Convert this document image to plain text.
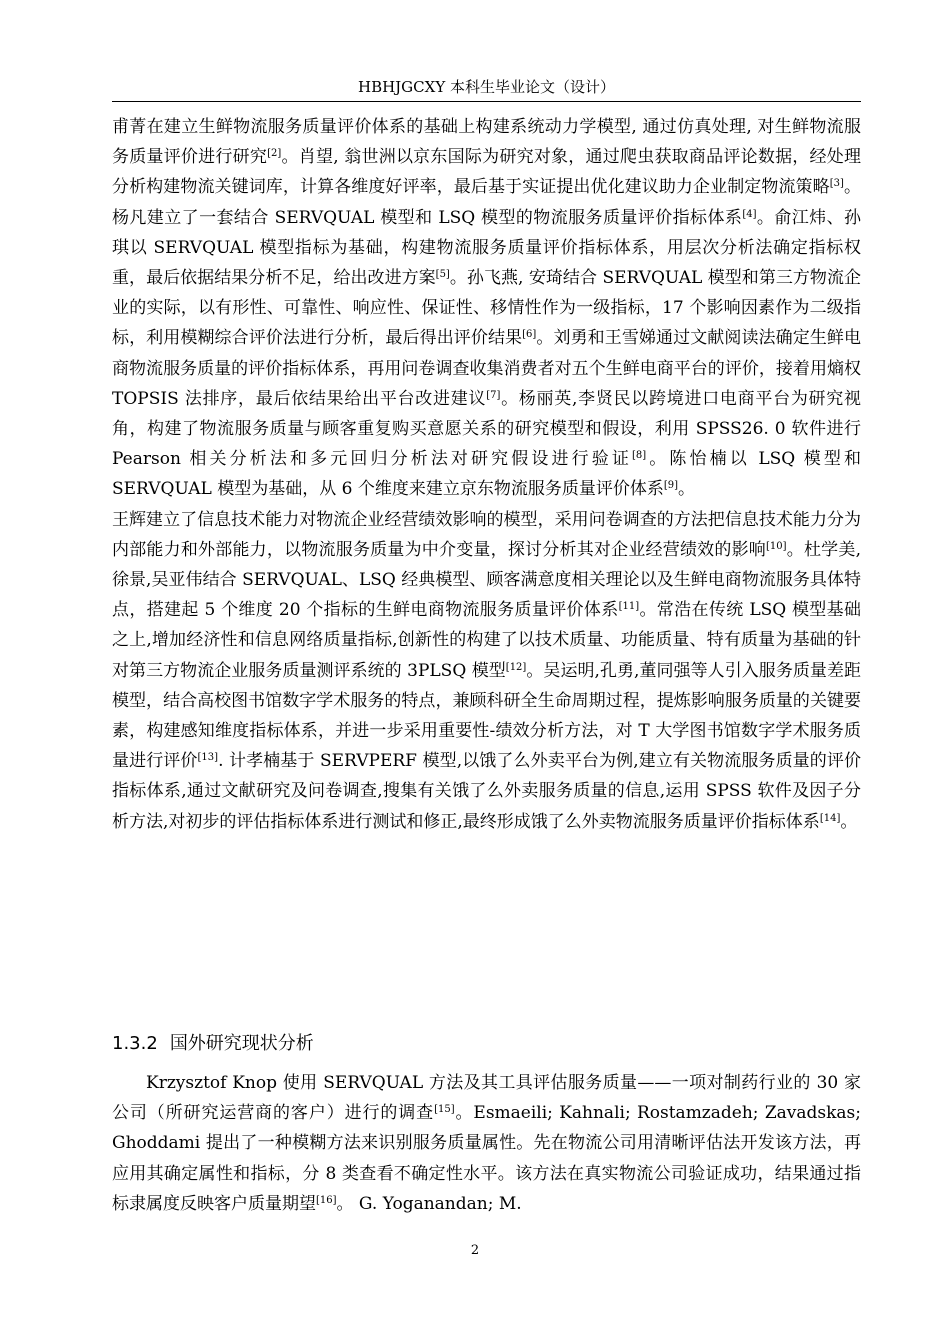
HBHJGCXY 本科生毕业论文（设计）

甫菁在建立生鲜物流服务质量评价体系的基础上构建系统动力学模型, 通过仿真处理, 对生鲜物流服务质量评价进行研究[2]。肖望, 翁世洲以京东国际为研究对象，通过爬虫获取商品评论数据，经处理分析构建物流关键词库，计算各维度好评率，最后基于实证提出优化建议助力企业制定物流策略[3]。杨凡建立了一套结合 SERVQUAL 模型和 LSQ 模型的物流服务质量评价指标体系[4]。俞江炜、孙琪以 SERVQUAL 模型指标为基础，构建物流服务质量评价指标体系，用层次分析法确定指标权重，最后依据结果分析不足，给出改进方案[5]。孙飞燕, 安琦结合 SERVQUAL 模型和第三方物流企业的实际，以有形性、可靠性、响应性、保证性、移情性作为一级指标，17 个影响因素作为二级指标，利用模糊综合评价法进行分析，最后得出评价结果[6]。刘勇和王雪娣通过文献阅读法确定生鲜电商物流服务质量的评价指标体系，再用问卷调查收集消费者对五个生鲜电商平台的评价，接着用熵权 TOPSIS 法排序，最后依结果给出平台改进建议[7]。杨丽英,李贤民以跨境进口电商平台为研究视角，构建了物流服务质量与顾客重复购买意愿关系的研究模型和假设，利用 SPSS26. 0 软件进行 Pearson 相关分析法和多元回归分析法对研究假设进行验证[8]。陈怡楠以 LSQ 模型和 SERVQUAL 模型为基础，从 6 个维度来建立京东物流服务质量评价体系[9]。

王辉建立了信息技术能力对物流企业经营绩效影响的模型，采用问卷调查的方法把信息技术能力分为内部能力和外部能力，以物流服务质量为中介变量，探讨分析其对企业经营绩效的影响[10]。杜学美,徐景,吴亚伟结合 SERVQUAL、LSQ 经典模型、顾客满意度相关理论以及生鲜电商物流服务具体特点，搭建起 5 个维度 20 个指标的生鲜电商物流服务质量评价体系[11]。常浩在传统 LSQ 模型基础之上,增加经济性和信息网络质量指标,创新性的构建了以技术质量、功能质量、特有质量为基础的针对第三方物流企业服务质量测评系统的 3PLSQ 模型[12]。吴运明,孔勇,董同强等人引入服务质量差距模型，结合高校图书馆数字学术服务的特点，兼顾科研全生命周期过程，提炼影响服务质量的关键要素，构建感知维度指标体系，并进一步采用重要性-绩效分析方法，对 T 大学图书馆数字学术服务质量进行评价[13]. 计孝楠基于 SERVPERF 模型,以饿了么外卖平台为例,建立有关物流服务质量的评价指标体系,通过文献研究及问卷调查,搜集有关饿了么外卖服务质量的信息,运用 SPSS 软件及因子分析方法,对初步的评估指标体系进行测试和修正,最终形成饿了么外卖物流服务质量评价指标体系[14]。

1.3.2 国外研究现状分析

Krzysztof Knop 使用 SERVQUAL 方法及其工具评估服务质量——一项对制药行业的 30 家公司（所研究运营商的客户）进行的调查[15]。Esmaeili; Kahnali; Rostamzadeh; Zavadskas; Ghoddami 提出了一种模糊方法来识别服务质量属性。先在物流公司用清晰评估法开发该方法，再应用其确定属性和指标，分 8 类查看不确定性水平。该方法在真实物流公司验证成功，结果通过指标隶属度反映客户质量期望[16]。 G. Yoganandan; M.

2
